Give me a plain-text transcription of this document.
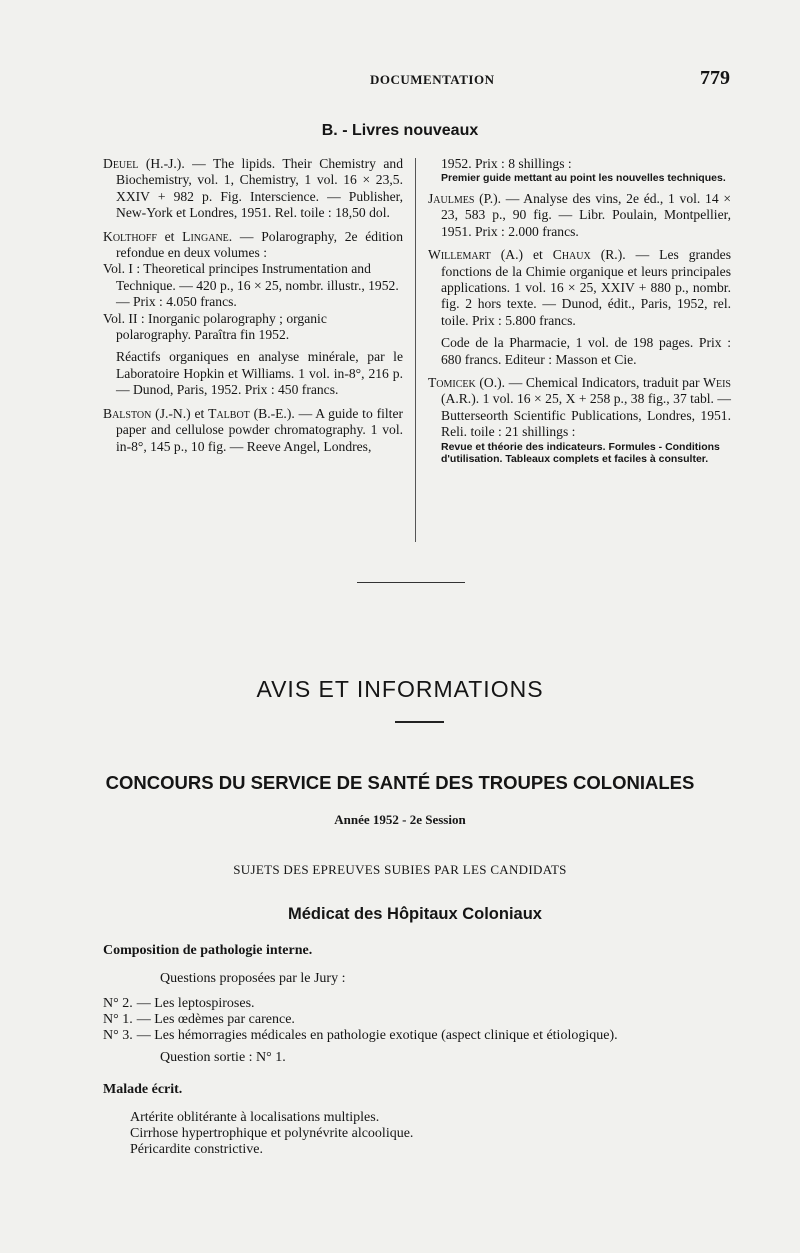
DOCUMENTATION	779
B. - Livres nouveaux

Deuel (H.-J.). — The lipids. Their Chemistry and Biochemistry, vol. 1, Chemistry, 1 vol. 16 × 23,5. XXIV + 982 p. Fig. Interscience. — Publisher, New-York et Londres, 1951. Rel. toile : 18,50 dol.

Kolthoff et Lingane. — Polarography, 2e édition refondue en deux volumes :

Vol. I : Theoretical principes Instrumentation and Technique. — 420 p., 16 × 25, nombr. illustr., 1952. — Prix : 4.050 francs.

Vol. II : Inorganic polarography ; organic polarography. Paraîtra fin 1952.

Réactifs organiques en analyse minérale, par le Laboratoire Hopkin et Williams. 1 vol. in-8°, 216 p. — Dunod, Paris, 1952. Prix : 450 francs.

Balston (J.-N.) et Talbot (B.-E.). — A guide to filter paper and cellulose powder chromatography. 1 vol. in-8°, 145 p., 10 fig. — Reeve Angel, Londres,

1952. Prix : 8 shillings :

Premier guide mettant au point les nouvelles techniques.

Jaulmes (P.). — Analyse des vins, 2e éd., 1 vol. 14 × 23, 583 p., 90 fig. — Libr. Poulain, Montpellier, 1951. Prix : 2.000 francs.

Willemart (A.) et Chaux (R.). — Les grandes fonctions de la Chimie organique et leurs principales applications. 1 vol. 16 × 25, XXIV + 880 p., nombr. fig. 2 hors texte. — Dunod, édit., Paris, 1952, rel. toile. Prix : 5.800 francs.

Code de la Pharmacie, 1 vol. de 198 pages. Prix : 680 francs. Editeur : Masson et Cie.

Tomicek (O.). — Chemical Indicators, traduit par Weis (A.R.). 1 vol. 16 × 25, X + 258 p., 38 fig., 37 tabl. — Butterseorth Scientific Publications, Londres, 1951. Reli. toile : 21 shillings :

Revue et théorie des indicateurs. Formules - Conditions d'utilisation. Tableaux complets et faciles à consulter.

AVIS ET INFORMATIONS
CONCOURS DU SERVICE DE SANTÉ DES TROUPES COLONIALES
Année 1952 - 2e Session
SUJETS DES EPREUVES SUBIES PAR LES CANDIDATS
Médicat des Hôpitaux Coloniaux

Composition de pathologie interne.

Questions proposées par le Jury :

N° 2. — Les leptospiroses.
N° 1. — Les œdèmes par carence.
N° 3. — Les hémorragies médicales en pathologie exotique (aspect clinique et étiologique).

Question sortie : N° 1.

Malade écrit.

Artérite oblitérante à localisations multiples.

Cirrhose hypertrophique et polynévrite alcoolique.

Péricardite constrictive.
